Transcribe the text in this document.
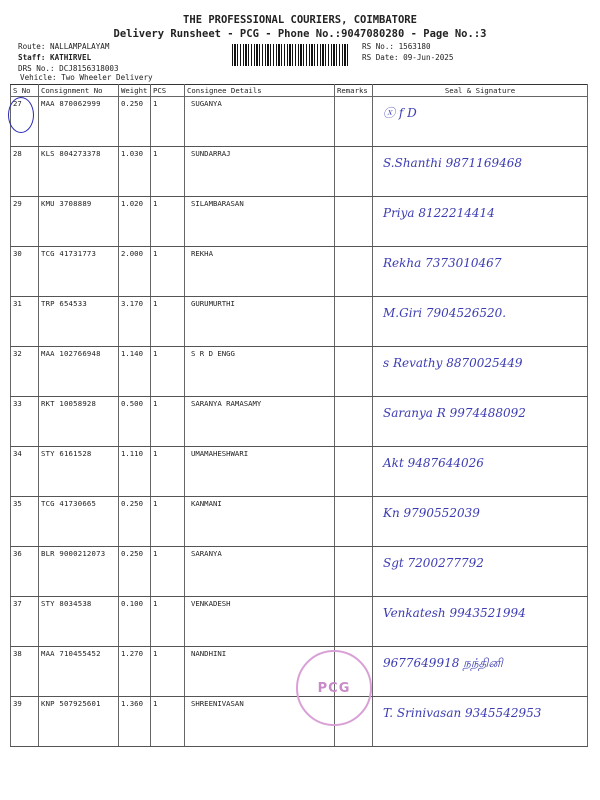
THE PROFESSIONAL COURIERS, COIMBATORE
Delivery Runsheet - PCG - Phone No.:9047080280 - Page No.:3
Route: NALLAMPALAYAM
Staff: KATHIRVEL
DRS No.: DCJ8156318003
RS No.: 1563180
RS Date: 09-Jun-2025
Vehicle: Two Wheeler Delivery
S No	Consignment No	Weight	PCS	Consignee Details	Remarks	Seal & Signature
27	MAA 870062999	0.250	1	SUGANYA		ⓧ f D
28	KLS 804273378	1.030	1	SUNDARRAJ		S.Shanthi 9871169468
29	KMU 3708889	1.020	1	SILAMBARASAN		Priya 8122214414
30	TCG 41731773	2.000	1	REKHA		Rekha 7373010467
31	TRP 654533	3.170	1	GURUMURTHI		M.Giri 7904526520.
32	MAA 102766948	1.140	1	S R D ENGG		s Revathy 8870025449
33	RKT 10058928	0.500	1	SARANYA RAMASAMY		Saranya R 9974488092
34	STY 6161528	1.110	1	UMAMAHESHWARI		Akt 9487644026
35	TCG 41730665	0.250	1	KANMANI		Kn 9790552039
36	BLR 9000212073	0.250	1	SARANYA		Sgt 7200277792
37	STY 8034538	0.100	1	VENKADESH		Venkatesh 9943521994
38	MAA 710455452	1.270	1	NANDHINI		9677649918 நந்தினி
39	KNP 507925601	1.360	1	SHREENIVASAN		T. Srinivasan 9345542953
PCG
